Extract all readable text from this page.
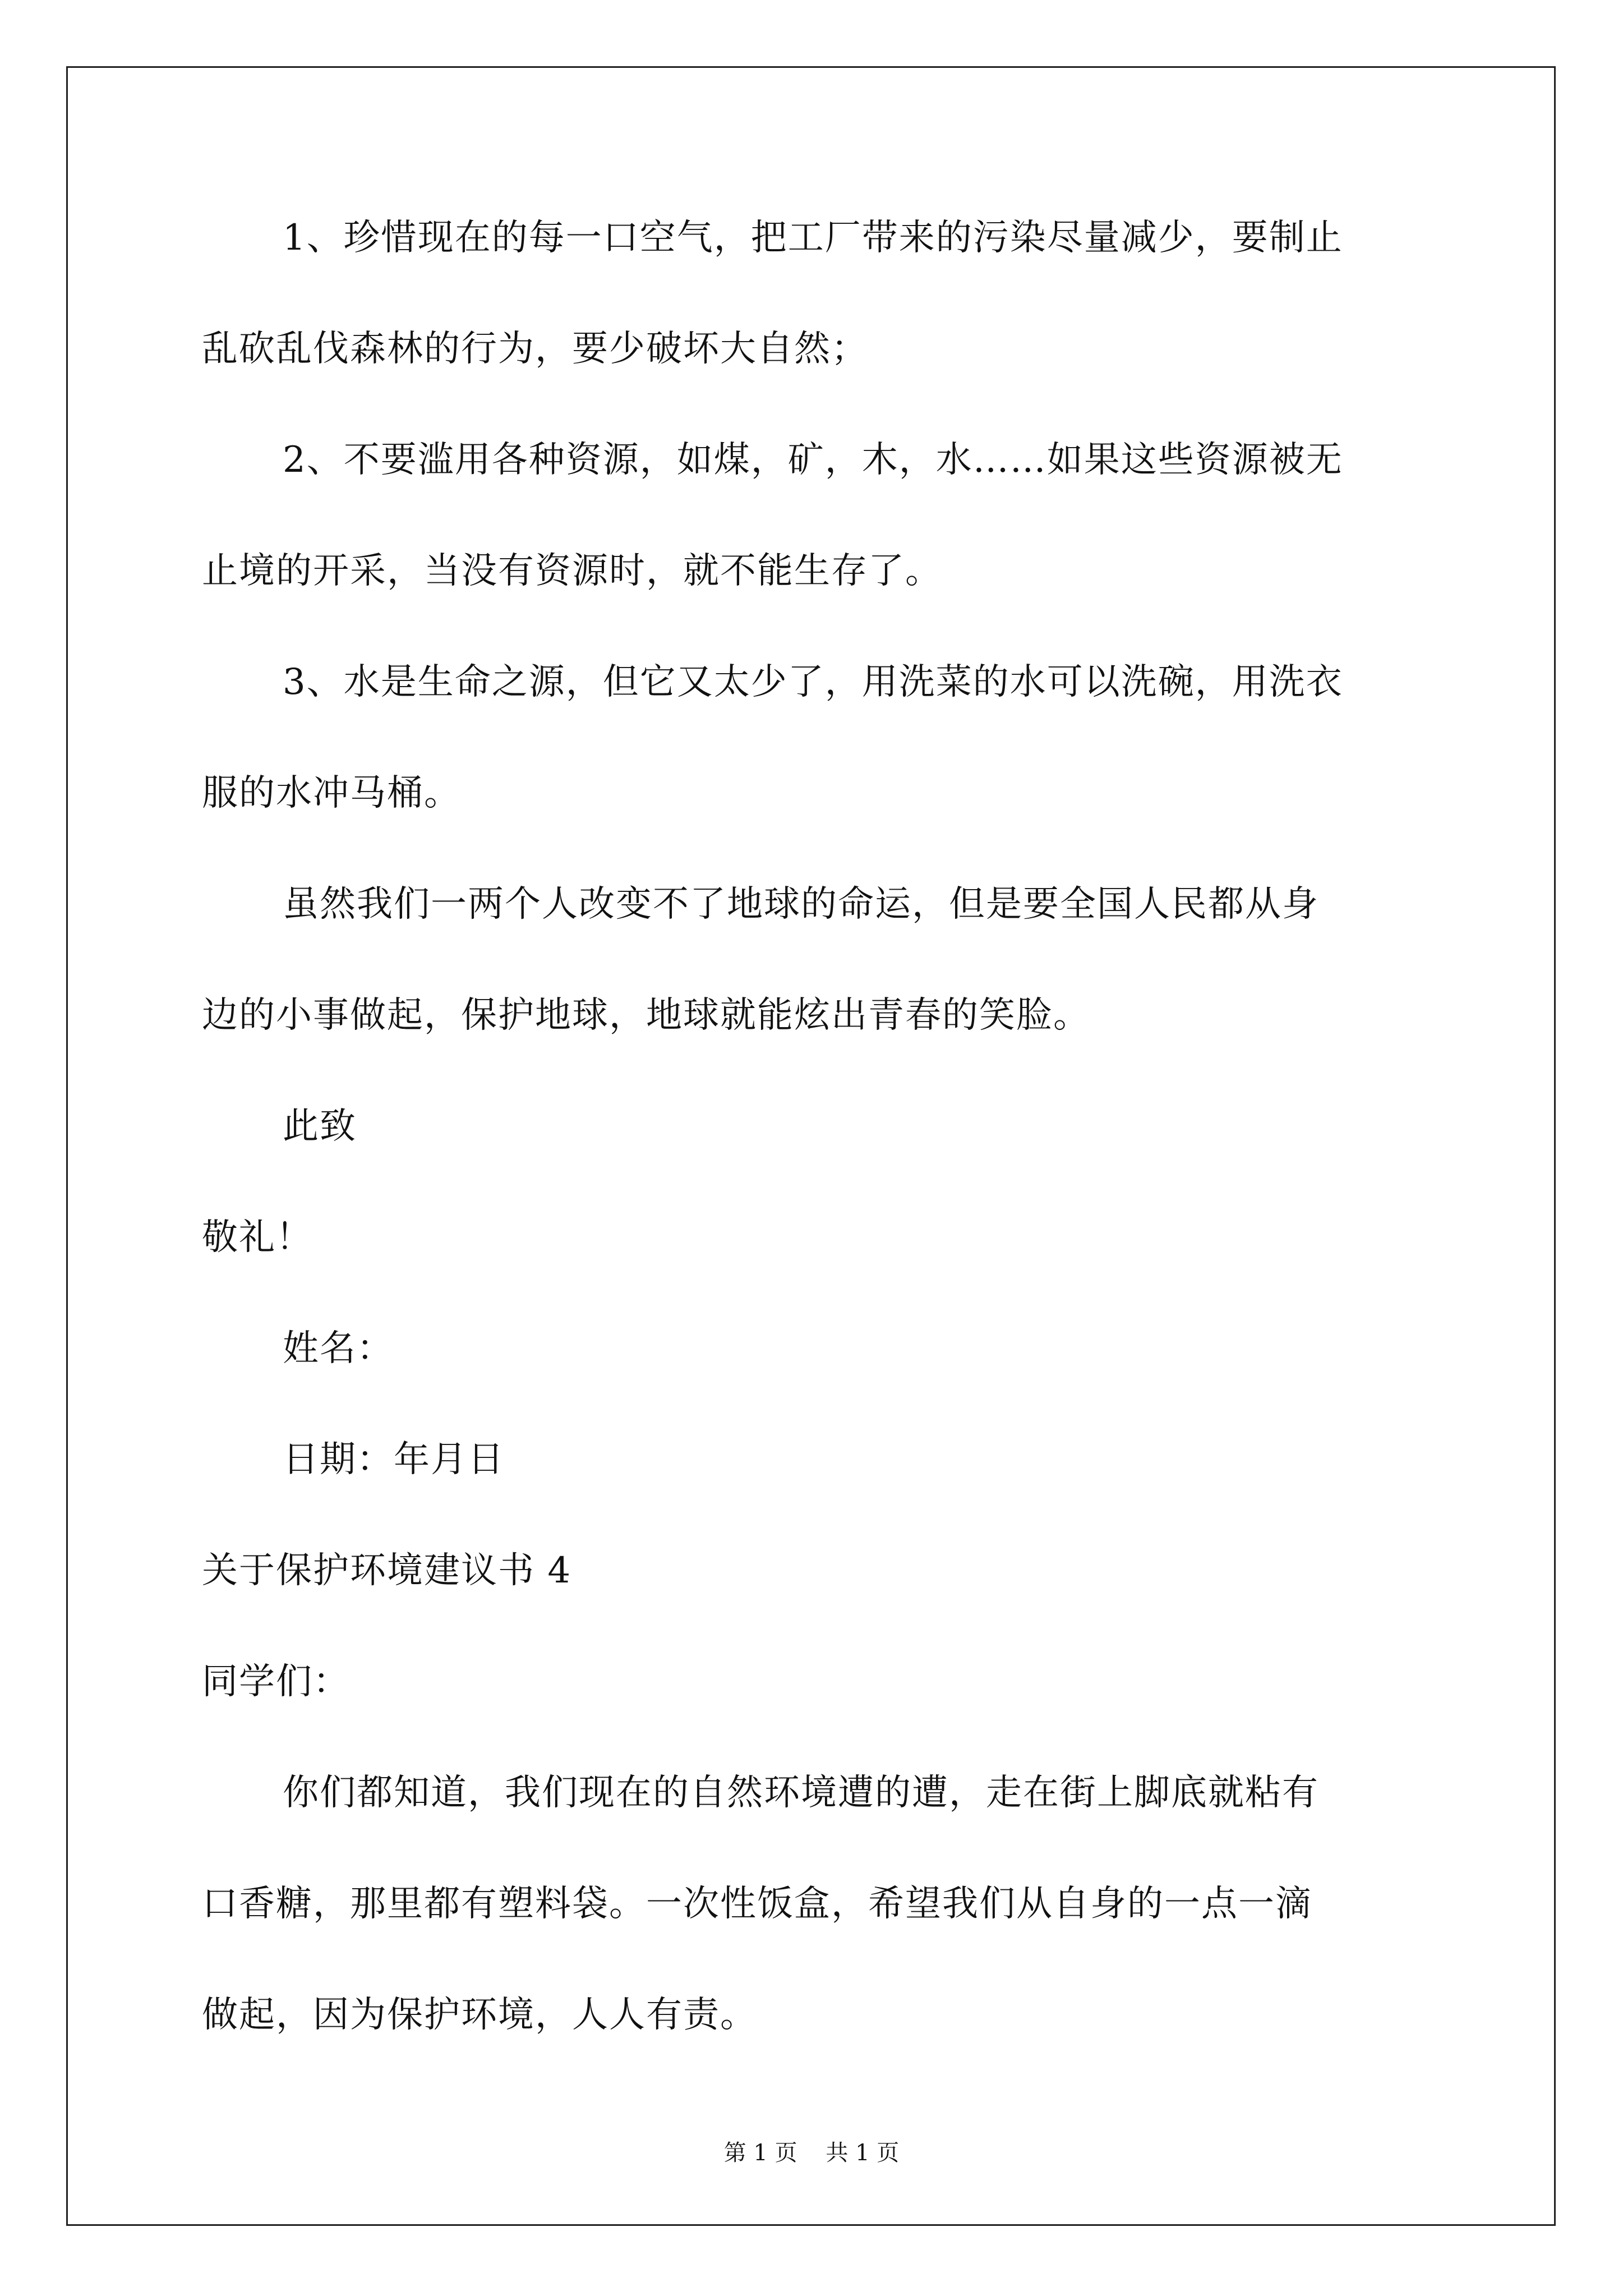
1、珍惜现在的每一口空气，把工厂带来的污染尽量减少，要制止
乱砍乱伐森林的行为，要少破坏大自然；
2、不要滥用各种资源，如煤，矿，木，水……如果这些资源被无
止境的开采，当没有资源时，就不能生存了。
3、水是生命之源，但它又太少了，用洗菜的水可以洗碗，用洗衣
服的水冲马桶。
虽然我们一两个人改变不了地球的命运，但是要全国人民都从身
边的小事做起，保护地球，地球就能炫出青春的笑脸。
此致
敬礼！
姓名：
日期：年月日
关于保护环境建议书 4
同学们：
你们都知道，我们现在的自然环境遭的遭，走在街上脚底就粘有
口香糖，那里都有塑料袋。一次性饭盒，希望我们从自身的一点一滴
做起，因为保护环境，人人有责。
第 1 页    共 1 页
